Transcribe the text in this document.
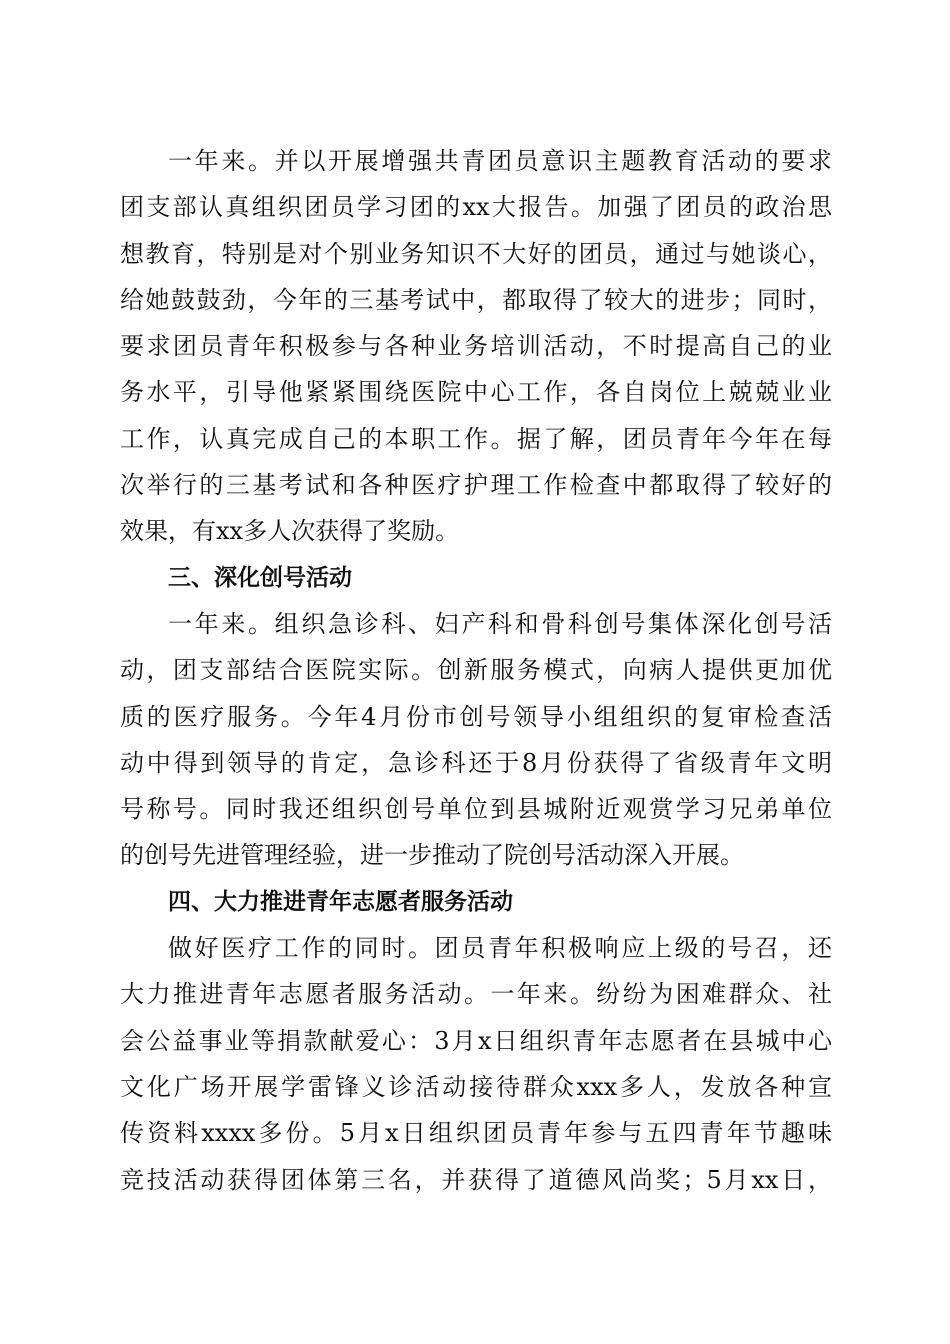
一年来。并以开展增强共青团员意识主题教育活动的要求
团支部认真组织团员学习团的xx大报告。加强了团员的政治思
想教育，特别是对个别业务知识不大好的团员，通过与她谈心，
给她鼓鼓劲，今年的三基考试中，都取得了较大的进步；同时，
要求团员青年积极参与各种业务培训活动，不时提高自己的业
务水平，引导他紧紧围绕医院中心工作，各自岗位上兢兢业业
工作，认真完成自己的本职工作。据了解，团员青年今年在每
次举行的三基考试和各种医疗护理工作检查中都取得了较好的
效果，有xx多人次获得了奖励。
三、深化创号活动
一年来。组织急诊科、妇产科和骨科创号集体深化创号活
动，团支部结合医院实际。创新服务模式，向病人提供更加优
质的医疗服务。今年4月份市创号领导小组组织的复审检查活
动中得到领导的肯定，急诊科还于8月份获得了省级青年文明
号称号。同时我还组织创号单位到县城附近观赏学习兄弟单位
的创号先进管理经验，进一步推动了院创号活动深入开展。
四、大力推进青年志愿者服务活动
做好医疗工作的同时。团员青年积极响应上级的号召，还
大力推进青年志愿者服务活动。一年来。纷纷为困难群众、社
会公益事业等捐款献爱心：3月x日组织青年志愿者在县城中心
文化广场开展学雷锋义诊活动接待群众xxx多人，发放各种宣
传资料xxxx多份。5月x日组织团员青年参与五四青年节趣味
竞技活动获得团体第三名，并获得了道德风尚奖；5月xx日，
